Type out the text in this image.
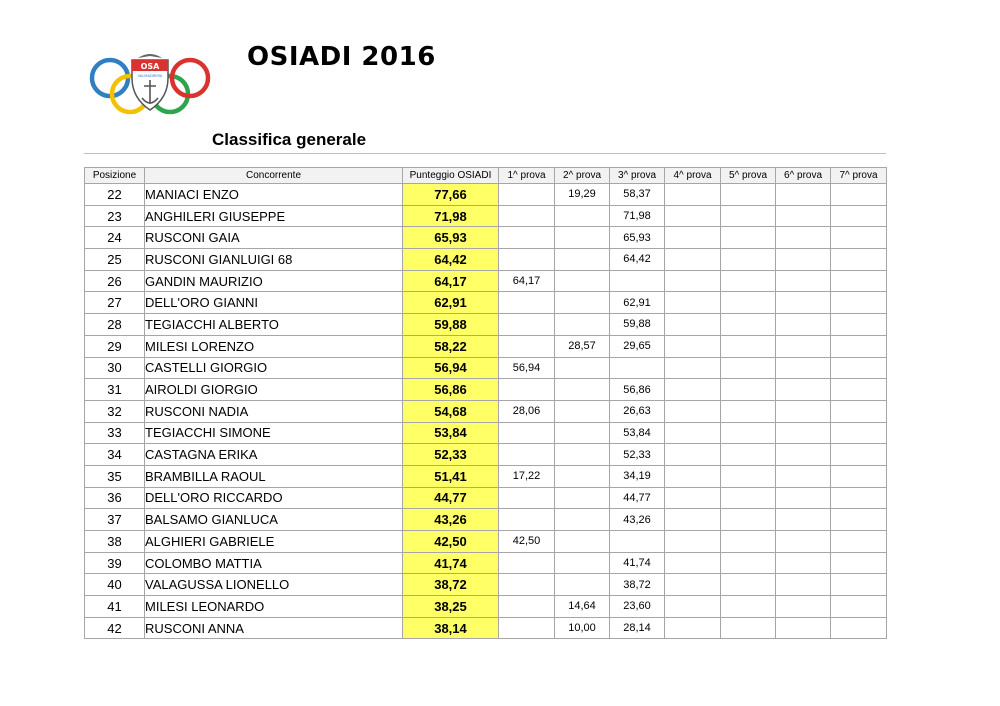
OSA
VALMADRERA
OSIADI 2016
Classifica generale
Posizione	Concorrente	Punteggio OSIADI	1^ prova	2^ prova	3^ prova	4^ prova	5^ prova	6^ prova	7^ prova
22	MANIACI ENZO	77,66		19,29	58,37				
23	ANGHILERI GIUSEPPE	71,98			71,98				
24	RUSCONI GAIA	65,93			65,93				
25	RUSCONI GIANLUIGI 68	64,42			64,42				
26	GANDIN MAURIZIO	64,17	64,17						
27	DELL'ORO GIANNI	62,91			62,91				
28	TEGIACCHI ALBERTO	59,88			59,88				
29	MILESI LORENZO	58,22		28,57	29,65				
30	CASTELLI GIORGIO	56,94	56,94						
31	AIROLDI GIORGIO	56,86			56,86				
32	RUSCONI NADIA	54,68	28,06		26,63				
33	TEGIACCHI SIMONE	53,84			53,84				
34	CASTAGNA ERIKA	52,33			52,33				
35	BRAMBILLA RAOUL	51,41	17,22		34,19				
36	DELL'ORO RICCARDO	44,77			44,77				
37	BALSAMO GIANLUCA	43,26			43,26				
38	ALGHIERI GABRIELE	42,50	42,50						
39	COLOMBO MATTIA	41,74			41,74				
40	VALAGUSSA LIONELLO	38,72			38,72				
41	MILESI LEONARDO	38,25		14,64	23,60				
42	RUSCONI ANNA	38,14		10,00	28,14				
